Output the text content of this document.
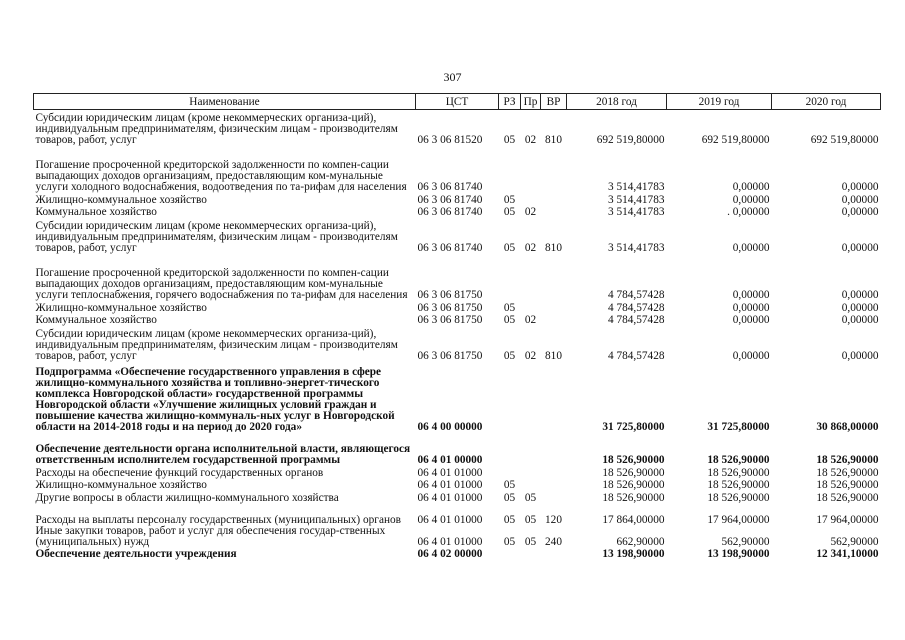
307
Наименование	ЦСТ	РЗ	Пр	ВР	2018 год	2019 год	2020 год
Субсидии юридическим лицам (кроме некоммерческих организа-ций), индивидуальным предпринимателям, физическим лицам - производителям товаров, работ, услуг	06 3 06 81520	05	02	810	692 519,80000	692 519,80000	692 519,80000
Погашение просроченной кредиторской задолженности по компен-сации выпадающих доходов организациям, предоставляющим ком-мунальные услуги холодного водоснабжения, водоотведения по та-рифам для населения	06 3 06 81740				3 514,41783	0,00000	0,00000
Жилищно-коммунальное хозяйство	06 3 06 81740	05			3 514,41783	0,00000	0,00000
Коммунальное хозяйство	06 3 06 81740	05	02		3 514,41783	. 0,00000	0,00000
Субсидии юридическим лицам (кроме некоммерческих организа-ций), индивидуальным предпринимателям, физическим лицам - производителям товаров, работ, услуг	06 3 06 81740	05	02	810	3 514,41783	0,00000	0,00000
Погашение просроченной кредиторской задолженности по компен-сации выпадающих доходов организациям, предоставляющим ком-мунальные услуги теплоснабжения, горячего водоснабжения по та-рифам для населения	06 3 06 81750				4 784,57428	0,00000	0,00000
Жилищно-коммунальное хозяйство	06 3 06 81750	05			4 784,57428	0,00000	0,00000
Коммунальное хозяйство	06 3 06 81750	05	02		4 784,57428	0,00000	0,00000
Субсидии юридическим лицам (кроме некоммерческих организа-ций), индивидуальным предпринимателям, физическим лицам - производителям товаров, работ, услуг	06 3 06 81750	05	02	810	4 784,57428	0,00000	0,00000
Подпрограмма «Обеспечение государственного управления в сфере жилищно-коммунального хозяйства и топливно-энергет-тического комплекса Новгородской области» государственной программы Новгородской области «Улучшение жилищных условий граждан и повышение качества жилищно-коммуналь-ных услуг в Новгородской области на 2014-2018 годы и на период до 2020 года»	06 4 00 00000				31 725,80000	31 725,80000	30 868,00000
Обеспечение деятельности органа исполнительной власти, являющегося ответственным исполнителем государственной программы	06 4 01 00000				18 526,90000	18 526,90000	18 526,90000
Расходы на обеспечение функций государственных органов	06 4 01 01000				18 526,90000	18 526,90000	18 526,90000
Жилищно-коммунальное хозяйство	06 4 01 01000	05			18 526,90000	18 526,90000	18 526,90000
Другие вопросы в области жилищно-коммунального хозяйства	06 4 01 01000	05	05		18 526,90000	18 526,90000	18 526,90000
Расходы на выплаты персоналу государственных (муниципальных) органов	06 4 01 01000	05	05	120	17 864,00000	17 964,00000	17 964,00000
Иные закупки товаров, работ и услуг для обеспечения государ-ственных (муниципальных) нужд	06 4 01 01000	05	05	240	662,90000	562,90000	562,90000
Обеспечение деятельности учреждения	06 4 02 00000				13 198,90000	13 198,90000	12 341,10000
